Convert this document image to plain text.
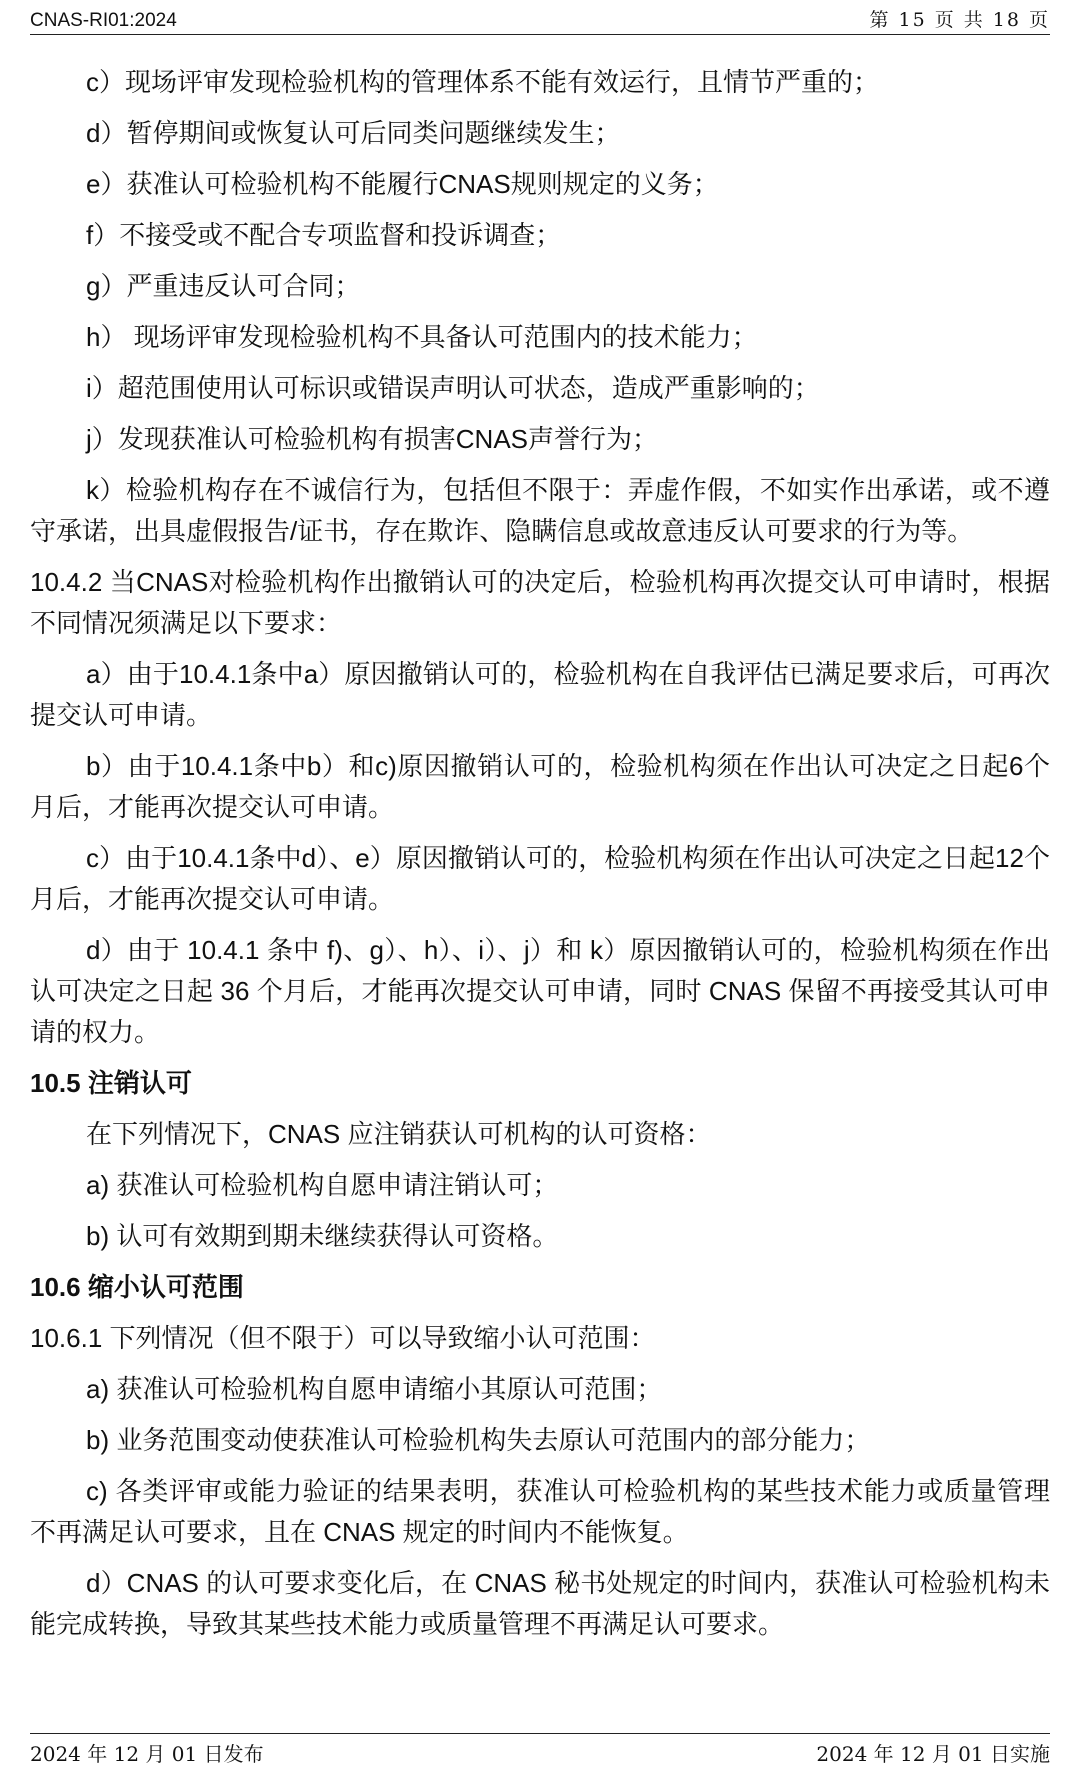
CNAS-RI01:2024	第 15 页 共 18 页

c）现场评审发现检验机构的管理体系不能有效运行，且情节严重的；

d）暂停期间或恢复认可后同类问题继续发生；

e）获准认可检验机构不能履行CNAS规则规定的义务；

f）不接受或不配合专项监督和投诉调查；

g）严重违反认可合同；

h） 现场评审发现检验机构不具备认可范围内的技术能力；

i）超范围使用认可标识或错误声明认可状态，造成严重影响的；

j）发现获准认可检验机构有损害CNAS声誉行为；

k）检验机构存在不诚信行为，包括但不限于：弄虚作假，不如实作出承诺，或不遵守承诺，出具虚假报告/证书，存在欺诈、隐瞒信息或故意违反认可要求的行为等。

10.4.2 当CNAS对检验机构作出撤销认可的决定后，检验机构再次提交认可申请时，根据不同情况须满足以下要求：

a）由于10.4.1条中a）原因撤销认可的，检验机构在自我评估已满足要求后，可再次提交认可申请。

b）由于10.4.1条中b）和c)原因撤销认可的，检验机构须在作出认可决定之日起6个月后，才能再次提交认可申请。

c）由于10.4.1条中d）、e）原因撤销认可的，检验机构须在作出认可决定之日起12个月后，才能再次提交认可申请。

d）由于 10.4.1 条中 f)、g）、h）、i）、j）和 k）原因撤销认可的，检验机构须在作出认可决定之日起 36 个月后，才能再次提交认可申请，同时 CNAS 保留不再接受其认可申请的权力。

10.5 注销认可

在下列情况下，CNAS 应注销获认可机构的认可资格：

a) 获准认可检验机构自愿申请注销认可；

b) 认可有效期到期未继续获得认可资格。

10.6 缩小认可范围

10.6.1 下列情况（但不限于）可以导致缩小认可范围：

a) 获准认可检验机构自愿申请缩小其原认可范围；

b) 业务范围变动使获准认可检验机构失去原认可范围内的部分能力；

c) 各类评审或能力验证的结果表明，获准认可检验机构的某些技术能力或质量管理不再满足认可要求，且在 CNAS 规定的时间内不能恢复。

d）CNAS 的认可要求变化后，在 CNAS 秘书处规定的时间内，获准认可检验机构未能完成转换，导致其某些技术能力或质量管理不再满足认可要求。

2024 年 12 月 01 日发布	2024 年 12 月 01 日实施
